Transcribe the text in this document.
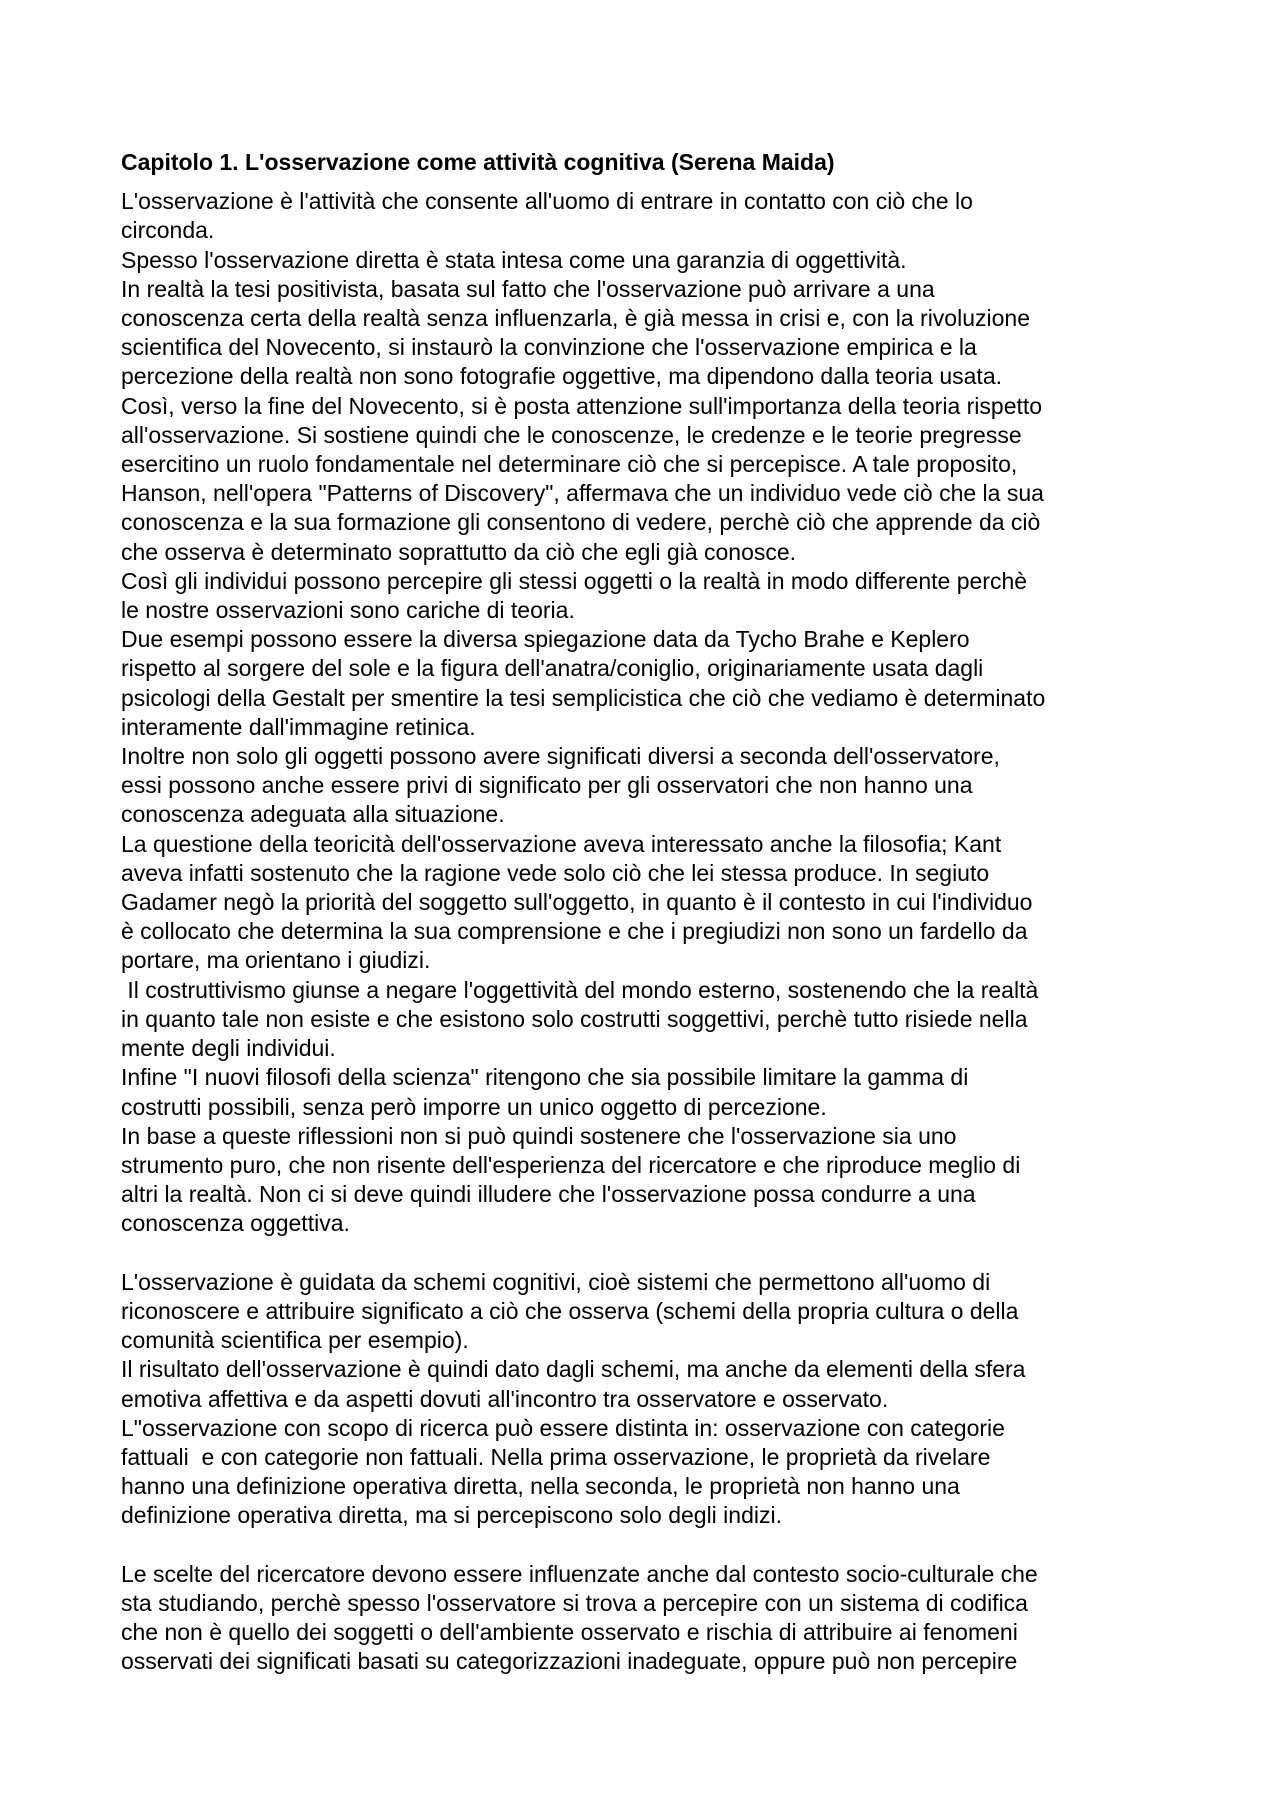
Capitolo 1. L'osservazione come attività cognitiva (Serena Maida)
L'osservazione è l'attività che consente all'uomo di entrare in contatto con ciò che lo
circonda.
Spesso l'osservazione diretta è stata intesa come una garanzia di oggettività.
In realtà la tesi positivista, basata sul fatto che l'osservazione può arrivare a una
conoscenza certa della realtà senza influenzarla, è già messa in crisi e, con la rivoluzione
scientifica del Novecento, si instaurò la convinzione che l'osservazione empirica e la
percezione della realtà non sono fotografie oggettive, ma dipendono dalla teoria usata.
Così, verso la fine del Novecento, si è posta attenzione sull'importanza della teoria rispetto
all'osservazione. Si sostiene quindi che le conoscenze, le credenze e le teorie pregresse
esercitino un ruolo fondamentale nel determinare ciò che si percepisce. A tale proposito,
Hanson, nell'opera "Patterns of Discovery", affermava che un individuo vede ciò che la sua
conoscenza e la sua formazione gli consentono di vedere, perchè ciò che apprende da ciò
che osserva è determinato soprattutto da ciò che egli già conosce.
Così gli individui possono percepire gli stessi oggetti o la realtà in modo differente perchè
le nostre osservazioni sono cariche di teoria.
Due esempi possono essere la diversa spiegazione data da Tycho Brahe e Keplero
rispetto al sorgere del sole e la figura dell'anatra/coniglio, originariamente usata dagli
psicologi della Gestalt per smentire la tesi semplicistica che ciò che vediamo è determinato
interamente dall'immagine retinica.
Inoltre non solo gli oggetti possono avere significati diversi a seconda dell'osservatore,
essi possono anche essere privi di significato per gli osservatori che non hanno una
conoscenza adeguata alla situazione.
La questione della teoricità dell'osservazione aveva interessato anche la filosofia; Kant
aveva infatti sostenuto che la ragione vede solo ciò che lei stessa produce. In segiuto
Gadamer negò la priorità del soggetto sull'oggetto, in quanto è il contesto in cui l'individuo
è collocato che determina la sua comprensione e che i pregiudizi non sono un fardello da
portare, ma orientano i giudizi.
Il costruttivismo giunse a negare l'oggettività del mondo esterno, sostenendo che la realtà
in quanto tale non esiste e che esistono solo costrutti soggettivi, perchè tutto risiede nella
mente degli individui.
Infine "I nuovi filosofi della scienza" ritengono che sia possibile limitare la gamma di
costrutti possibili, senza però imporre un unico oggetto di percezione.
In base a queste riflessioni non si può quindi sostenere che l'osservazione sia uno
strumento puro, che non risente dell'esperienza del ricercatore e che riproduce meglio di
altri la realtà. Non ci si deve quindi illudere che l'osservazione possa condurre a una
conoscenza oggettiva.
L'osservazione è guidata da schemi cognitivi, cioè sistemi che permettono all'uomo di
riconoscere e attribuire significato a ciò che osserva (schemi della propria cultura o della
comunità scientifica per esempio).
Il risultato dell'osservazione è quindi dato dagli schemi, ma anche da elementi della sfera
emotiva affettiva e da aspetti dovuti all'incontro tra osservatore e osservato.
L"osservazione con scopo di ricerca può essere distinta in: osservazione con categorie
fattuali  e con categorie non fattuali. Nella prima osservazione, le proprietà da rivelare
hanno una definizione operativa diretta, nella seconda, le proprietà non hanno una
definizione operativa diretta, ma si percepiscono solo degli indizi.
Le scelte del ricercatore devono essere influenzate anche dal contesto socio-culturale che
sta studiando, perchè spesso l'osservatore si trova a percepire con un sistema di codifica
che non è quello dei soggetti o dell'ambiente osservato e rischia di attribuire ai fenomeni
osservati dei significati basati su categorizzazioni inadeguate, oppure può non percepire
